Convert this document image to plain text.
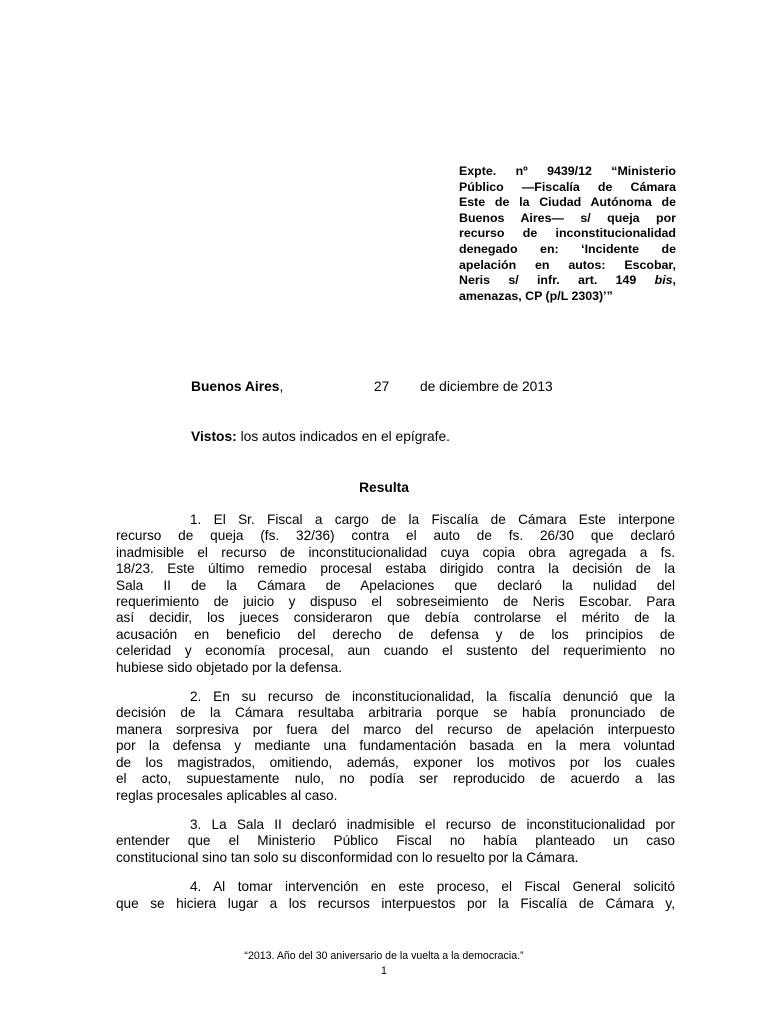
Expte. nº 9439/12 “Ministerio
Público —Fiscalía de Cámara
Este de la Ciudad Autónoma de
Buenos Aires— s/ queja por
recurso de inconstitucionalidad
denegado en: ‘Incidente de
apelación en autos: Escobar,
Neris s/ infr. art. 149 bis,
amenazas, CP (p/L 2303)’”
Buenos Aires,	27 de diciembre de 2013
Vistos: los autos indicados en el epígrafe.
Resulta
1. El Sr. Fiscal a cargo de la Fiscalía de Cámara Este interpone
recurso de queja (fs. 32/36) contra el auto de fs. 26/30 que declaró
inadmisible el recurso de inconstitucionalidad cuya copia obra agregada a fs.
18/23. Este último remedio procesal estaba dirigido contra la decisión de la
Sala II de la Cámara de Apelaciones que declaró la nulidad del
requerimiento de juicio y dispuso el sobreseimiento de Neris Escobar. Para
así decidir, los jueces consideraron que debía controlarse el mérito de la
acusación en beneficio del derecho de defensa y de los principios de
celeridad y economía procesal, aun cuando el sustento del requerimiento no
hubiese sido objetado por la defensa.
2. En su recurso de inconstitucionalidad, la fiscalía denunció que la
decisión de la Cámara resultaba arbitraria porque se había pronunciado de
manera sorpresiva por fuera del marco del recurso de apelación interpuesto
por la defensa y mediante una fundamentación basada en la mera voluntad
de los magistrados, omitiendo, además, exponer los motivos por los cuales
el acto, supuestamente nulo, no podía ser reproducido de acuerdo a las
reglas procesales aplicables al caso.
3. La Sala II declaró inadmisible el recurso de inconstitucionalidad por
entender que el Ministerio Público Fiscal no había planteado un caso
constitucional sino tan solo su disconformidad con lo resuelto por la Cámara.
4. Al tomar intervención en este proceso, el Fiscal General solicitó
que se hiciera lugar a los recursos interpuestos por la Fiscalía de Cámara y,
“2013. Año del 30 aniversario de la vuelta a la democracia.”
1
